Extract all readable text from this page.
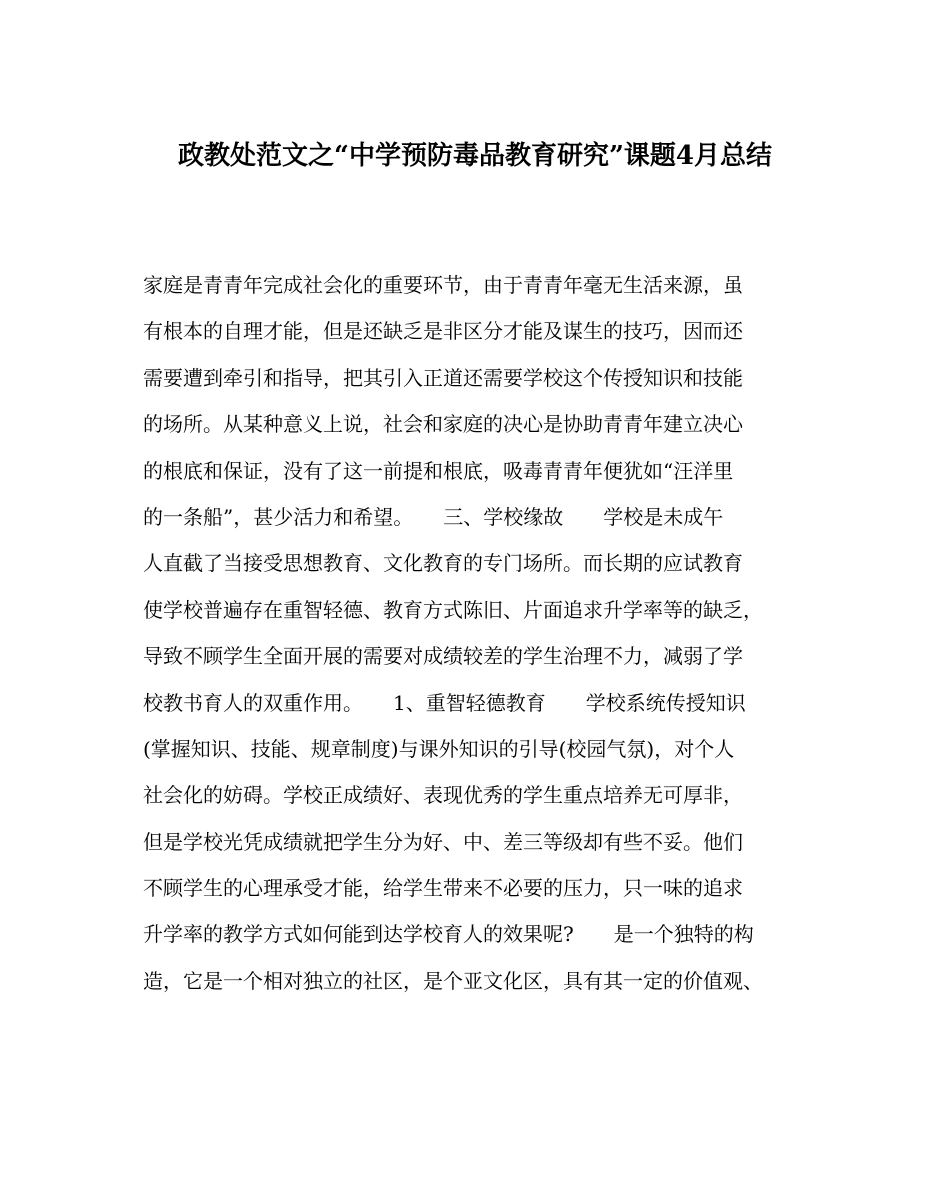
政教处范文之“中学预防毒品教育研究”课题4月总结
家庭是青青年完成社会化的重要环节，由于青青年毫无生活来源，虽
有根本的自理才能，但是还缺乏是非区分才能及谋生的技巧，因而还
需要遭到牵引和指导，把其引入正道还需要学校这个传授知识和技能
的场所。从某种意义上说，社会和家庭的决心是协助青青年建立决心
的根底和保证，没有了这一前提和根底，吸毒青青年便犹如“汪洋里
的一条船”，甚少活力和希望。　　三、学校缘故　　学校是未成午
人直截了当接受思想教育、文化教育的专门场所。而长期的应试教育
使学校普遍存在重智轻德、教育方式陈旧、片面追求升学率等的缺乏，
导致不顾学生全面开展的需要对成绩较差的学生治理不力，减弱了学
校教书育人的双重作用。　　1、重智轻德教育　　学校系统传授知识
(掌握知识、技能、规章制度)与课外知识的引导(校园气氛)，对个人
社会化的妨碍。学校正成绩好、表现优秀的学生重点培养无可厚非，
但是学校光凭成绩就把学生分为好、中、差三等级却有些不妥。他们
不顾学生的心理承受才能，给学生带来不必要的压力，只一味的追求
升学率的教学方式如何能到达学校育人的效果呢?　　是一个独特的构
造，它是一个相对独立的社区，是个亚文化区，具有其一定的价值观、
